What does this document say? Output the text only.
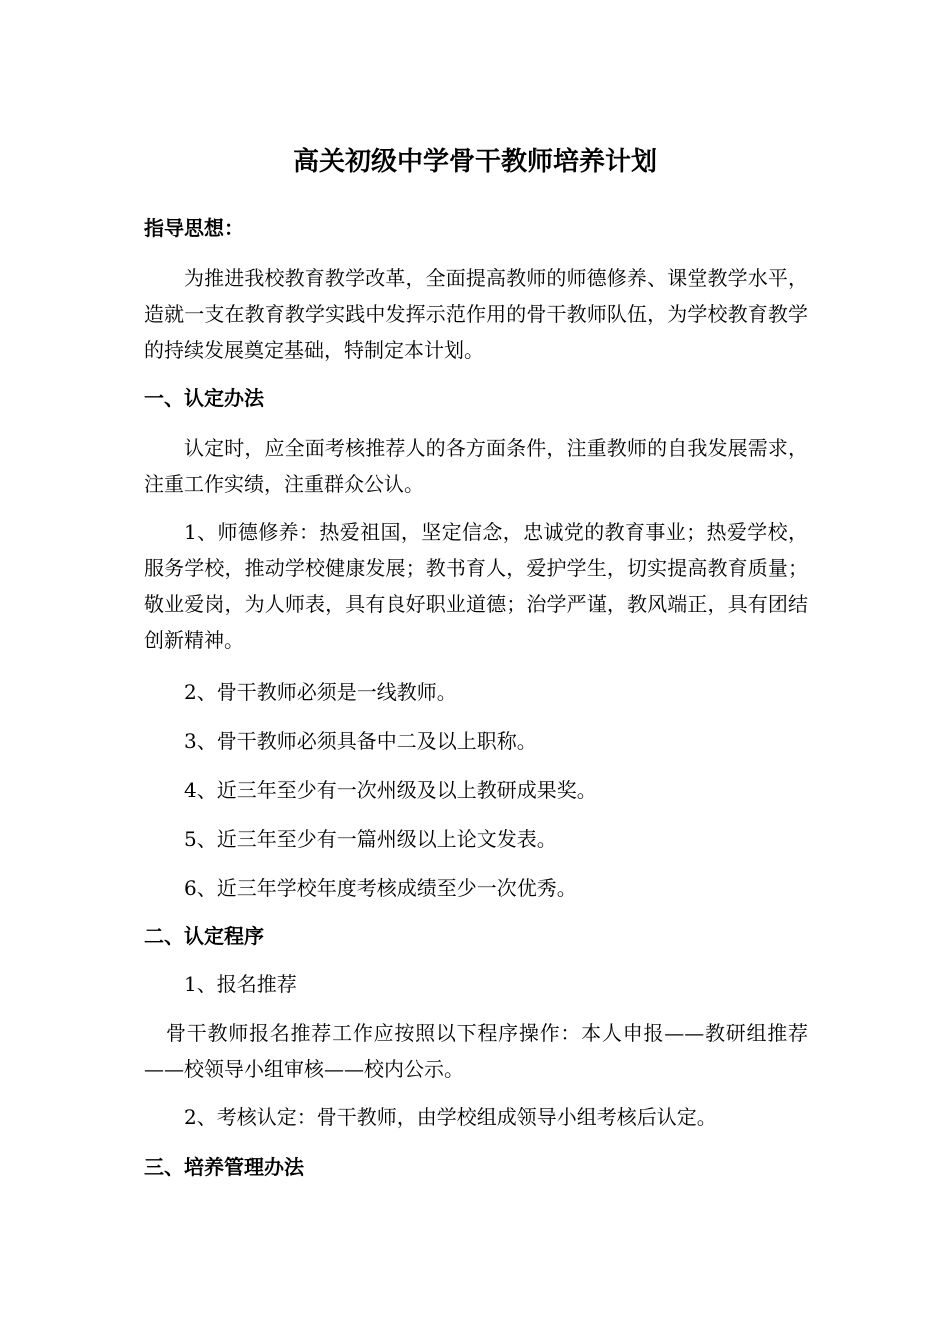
高关初级中学骨干教师培养计划
指导思想：

为推进我校教育教学改革，全面提高教师的师德修养、课堂教学水平，造就一支在教育教学实践中发挥示范作用的骨干教师队伍，为学校教育教学的持续发展奠定基础，特制定本计划。

一、认定办法

认定时，应全面考核推荐人的各方面条件，注重教师的自我发展需求，注重工作实绩，注重群众公认。

1、师德修养：热爱祖国，坚定信念，忠诚党的教育事业；热爱学校，服务学校，推动学校健康发展；教书育人，爱护学生，切实提高教育质量；敬业爱岗，为人师表，具有良好职业道德；治学严谨，教风端正，具有团结创新精神。

2、骨干教师必须是一线教师。

3、骨干教师必须具备中二及以上职称。

4、近三年至少有一次州级及以上教研成果奖。

5、近三年至少有一篇州级以上论文发表。

6、近三年学校年度考核成绩至少一次优秀。

二、认定程序

1、报名推荐

骨干教师报名推荐工作应按照以下程序操作：本人申报——教研组推荐——校领导小组审核——校内公示。

2、考核认定：骨干教师，由学校组成领导小组考核后认定。

三、培养管理办法
